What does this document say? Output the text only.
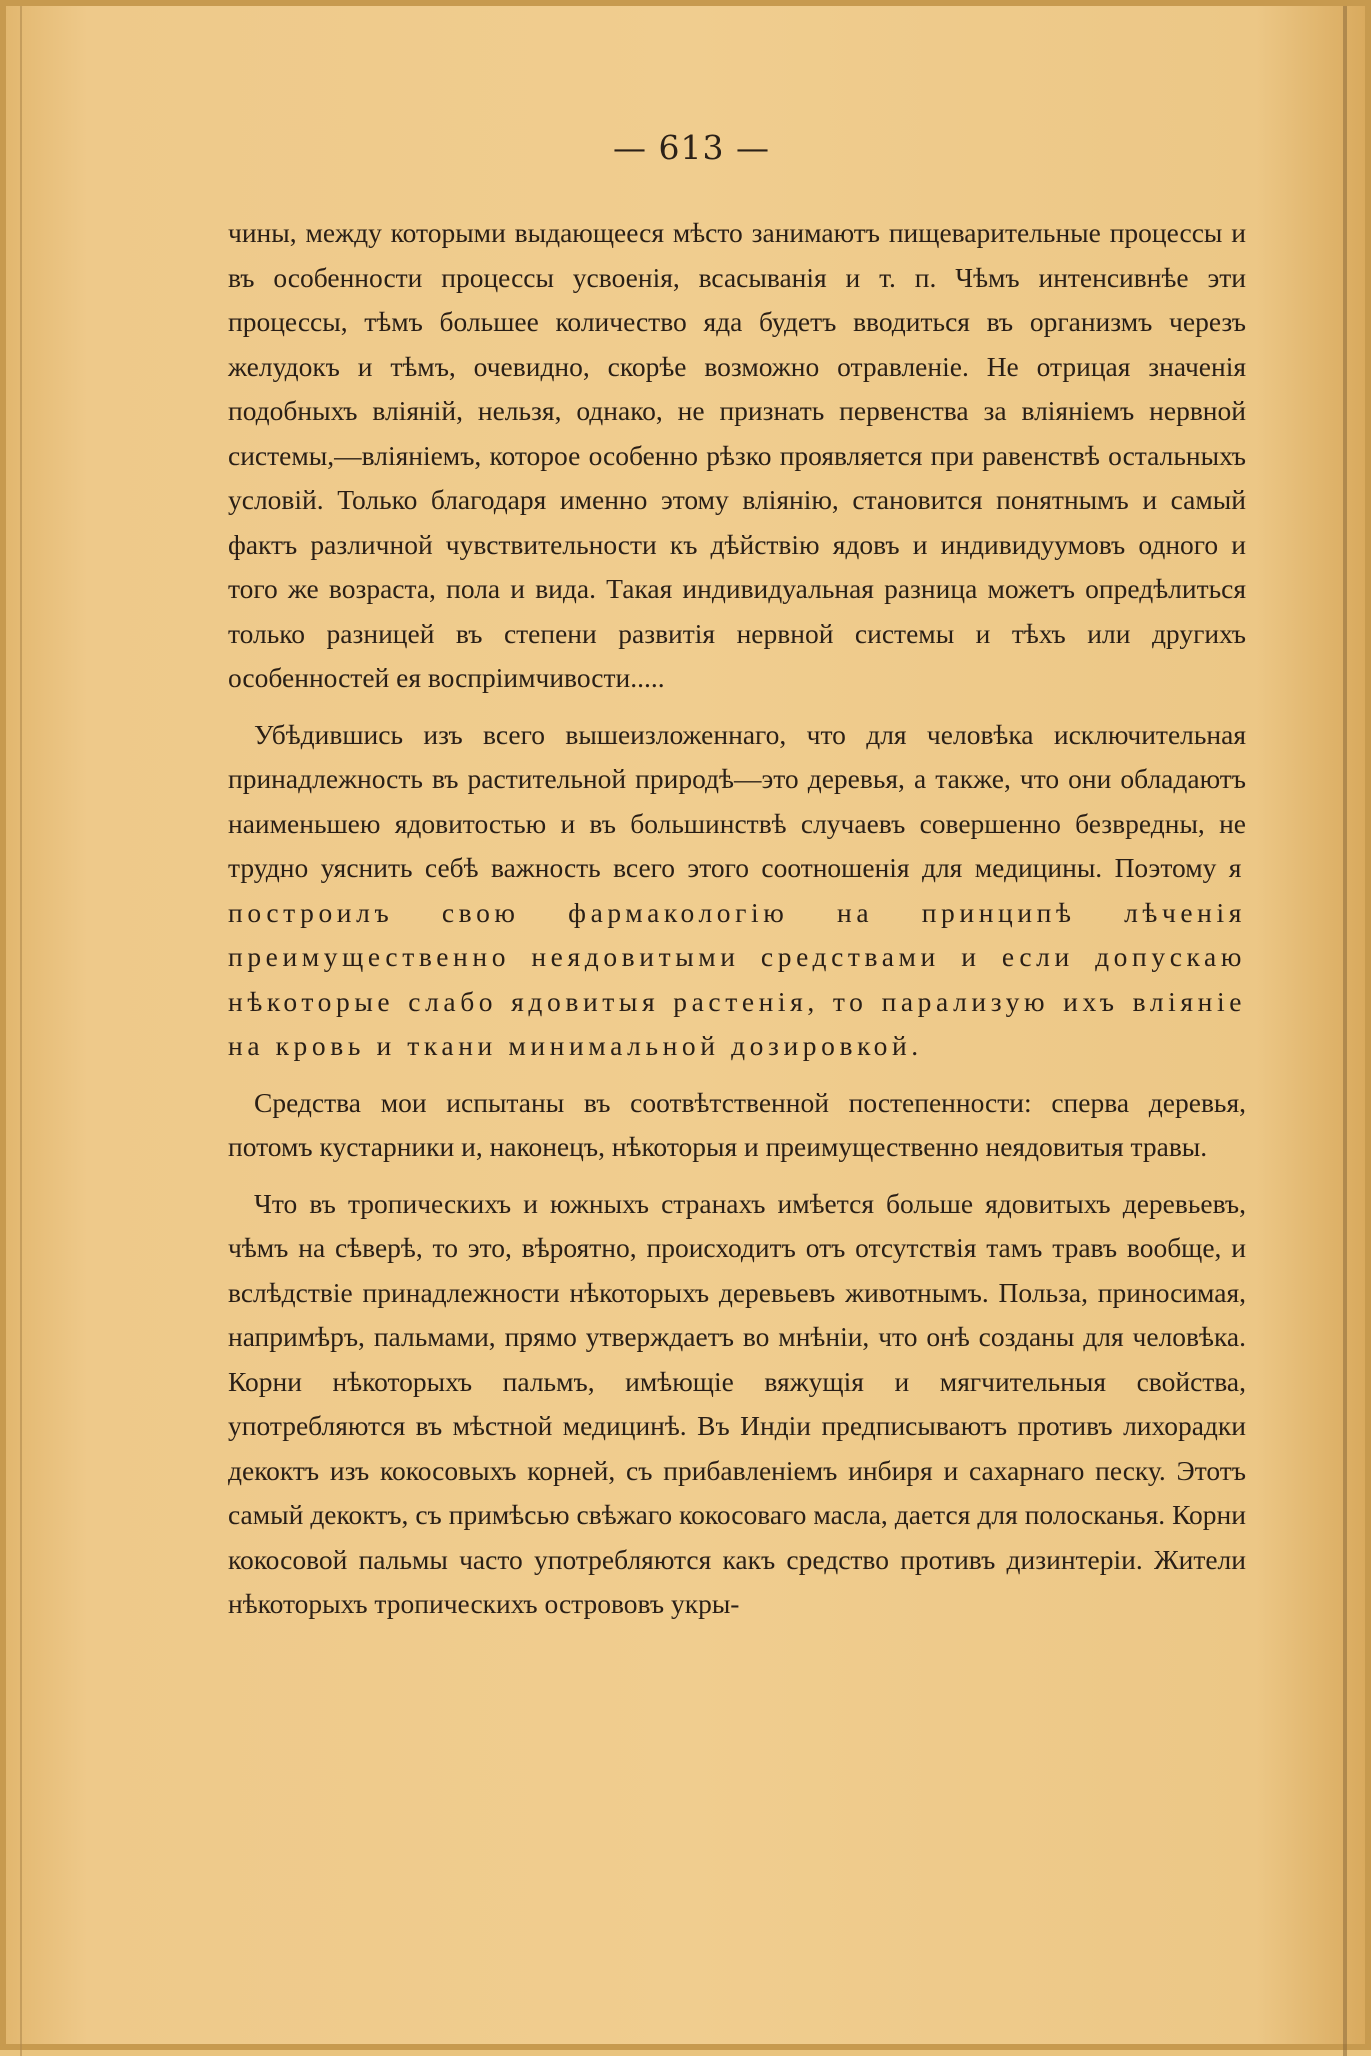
— 613 —

чины, между которыми выдающееся мѣсто занимаютъ пищеварительные процессы и въ особенности процессы усвоенія, всасыванія и т. п. Чѣмъ интенсивнѣе эти процессы, тѣмъ большее количество яда будетъ вводиться въ организмъ черезъ желудокъ и тѣмъ, очевидно, скорѣе возможно отравленіе. Не отрицая значенія подобныхъ вліяній, нельзя, однако, не признать первенства за вліяніемъ нервной системы,—вліяніемъ, которое особенно рѣзко проявляется при равенствѣ остальныхъ условій. Только благодаря именно этому вліянію, становится понятнымъ и самый фактъ различной чувствительности къ дѣйствію ядовъ и индивидуумовъ одного и того же возраста, пола и вида. Такая индивидуальная разница можетъ опредѣлиться только разницей въ степени развитія нервной системы и тѣхъ или другихъ особенностей ея воспріимчивости.....

Убѣдившись изъ всего вышеизложеннаго, что для человѣка исключительная принадлежность въ растительной природѣ—это деревья, а также, что они обладаютъ наименьшею ядовитостью и въ большинствѣ случаевъ совершенно безвредны, не трудно уяснить себѣ важность всего этого соотношенія для медицины. Поэтому я построилъ свою фармакологію на принципѣ лѣченія преимущественно неядовитыми средствами и если допускаю нѣкоторые слабо ядовитыя растенія, то парализую ихъ вліяніе на кровь и ткани минимальной дозировкой.

Средства мои испытаны въ соотвѣтственной постепенности: сперва деревья, потомъ кустарники и, наконецъ, нѣкоторыя и преимущественно неядовитыя травы.

Что въ тропическихъ и южныхъ странахъ имѣется больше ядовитыхъ деревьевъ, чѣмъ на сѣверѣ, то это, вѣроятно, происходитъ отъ отсутствія тамъ травъ вообще, и вслѣдствіе принадлежности нѣкоторыхъ деревьевъ животнымъ. Польза, приносимая, напримѣръ, пальмами, прямо утверждаетъ во мнѣніи, что онѣ созданы для человѣка. Корни нѣкоторыхъ пальмъ, имѣющіе вяжущія и мягчительныя свойства, употребляются въ мѣстной медицинѣ. Въ Индіи предписываютъ противъ лихорадки декоктъ изъ кокосовыхъ корней, съ прибавленіемъ инбиря и сахарнаго песку. Этотъ самый декоктъ, съ примѣсью свѣжаго кокосоваго масла, дается для полосканья. Корни кокосовой пальмы часто употребляются какъ средство противъ дизинтеріи. Жители нѣкоторыхъ тропическихъ острововъ укры-
